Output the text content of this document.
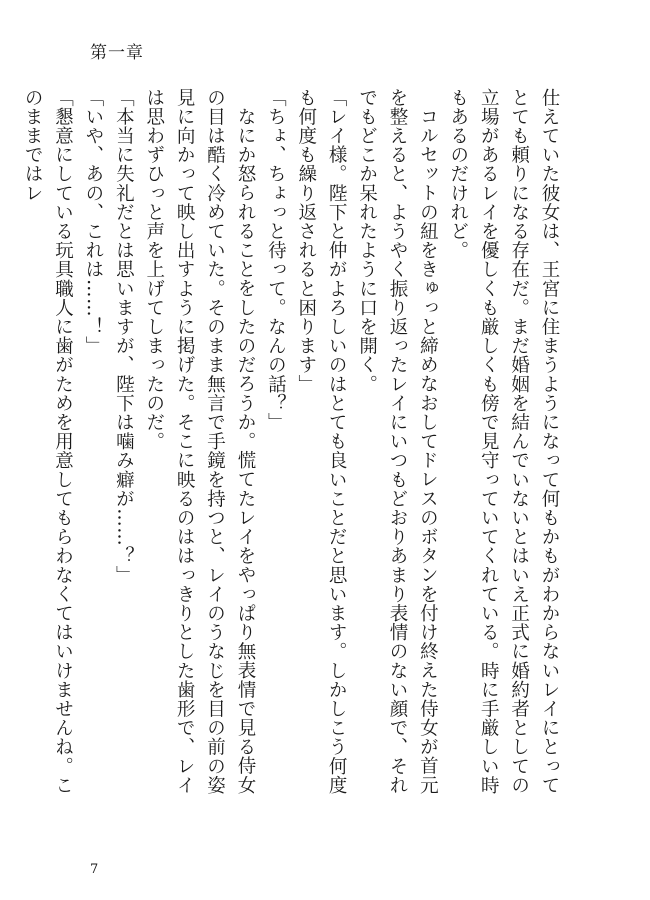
第一章

仕えていた彼女は、王宮に住まうようになって何もかもがわからないレイにとってとても頼りになる存在だ。まだ婚姻を結んでいないとはいえ正式に婚約者としての立場があるレイを優しくも厳しくも傍で見守っていてくれている。時に手厳しい時もあるのだけれど。

コルセットの紐をきゅっと締めなおしてドレスのボタンを付け終えた侍女が首元を整えると、ようやく振り返ったレイにいつもどおりあまり表情のない顔で、それでもどこか呆れたように口を開く。

「レイ様。陛下と仲がよろしいのはとても良いことだと思います。しかしこう何度も何度も繰り返されると困ります」

「ちょ、ちょっと待って。なんの話？」

なにか怒られることをしたのだろうか。慌てたレイをやっぱり無表情で見る侍女の目は酷く冷めていた。そのまま無言で手鏡を持つと、レイのうなじを目の前の姿見に向かって映し出すように掲げた。そこに映るのははっきりとした歯形で、レイは思わずひっと声を上げてしまったのだ。

「本当に失礼だとは思いますが、陛下は噛み癖が……？」

「いや、あの、これは……！」

「懇意にしている玩具職人に歯がためを用意してもらわなくてはいけませんね。このままではレ

7
